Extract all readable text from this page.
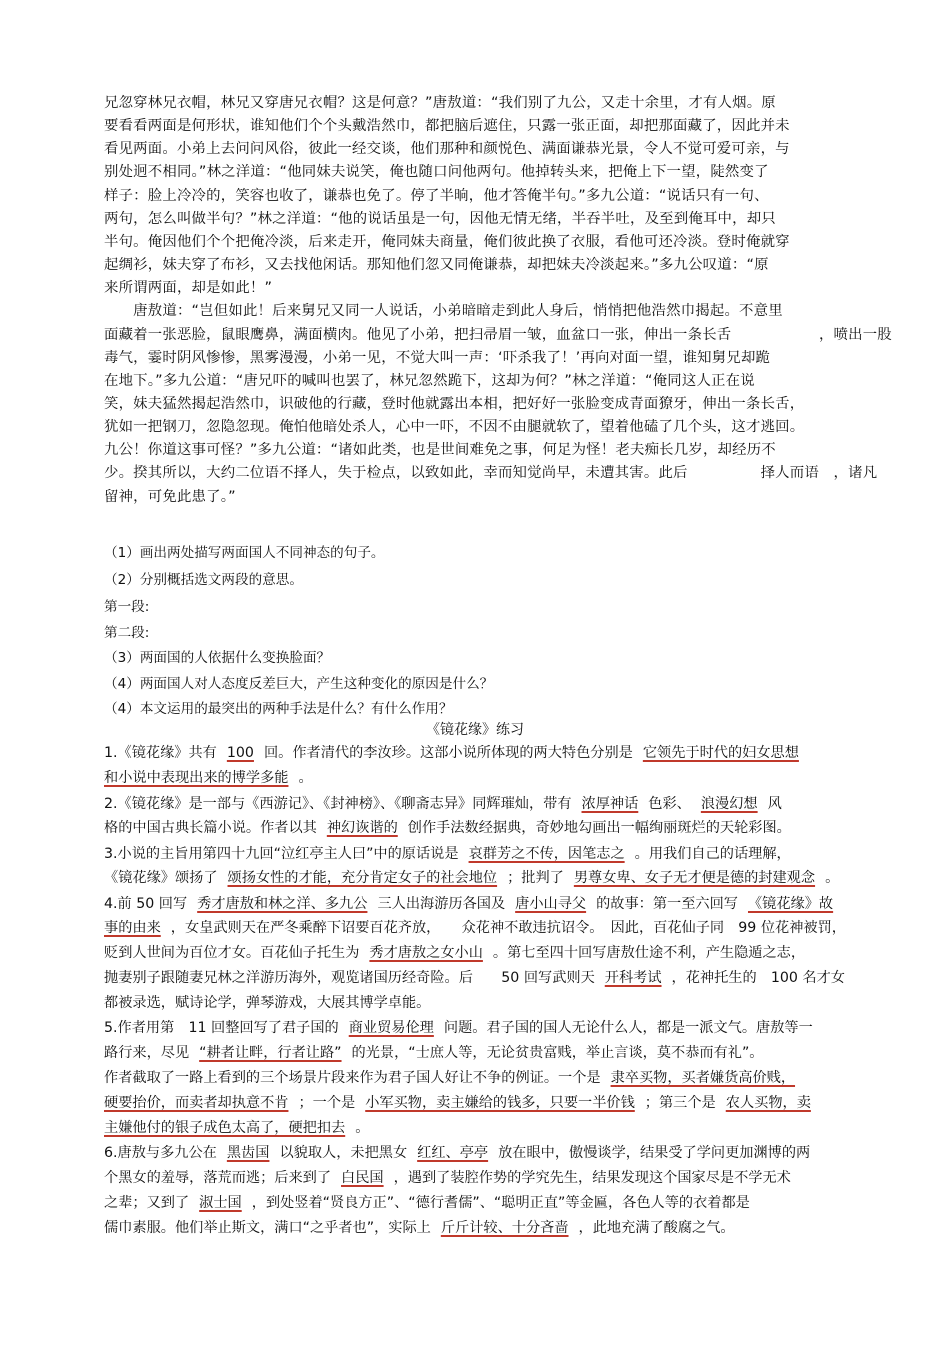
兄忽穿林兄衣帽，林兄又穿唐兄衣帽？这是何意？”唐敖道：“我们别了九公，又走十余里，才有人烟。原
要看看两面是何形状，谁知他们个个头戴浩然巾，都把脑后遮住，只露一张正面，却把那面藏了，因此并未
看见两面。小弟上去问问风俗，彼此一经交谈，他们那种和颜悦色、满面谦恭光景，令人不觉可爱可亲，与
别处迥不相同。”林之洋道：“他同妹夫说笑，俺也随口问他两句。他掉转头来，把俺上下一望，陡然变了
样子：脸上冷冷的，笑容也收了，谦恭也免了。停了半晌，他才答俺半句。”多九公道：“说话只有一句、
两句，怎么叫做半句？”林之洋道：“他的说话虽是一句，因他无情无绪，半吞半吐，及至到俺耳中，却只
半句。俺因他们个个把俺冷淡，后来走开，俺同妹夫商量，俺们彼此换了衣服，看他可还冷淡。登时俺就穿
起绸衫，妹夫穿了布衫，又去找他闲话。那知他们忽又同俺谦恭，却把妹夫冷淡起来。”多九公叹道：“原
来所谓两面，却是如此！”
　　唐敖道：“岂但如此！后来舅兄又同一人说话，小弟暗暗走到此人身后，悄悄把他浩然巾揭起。不意里
面藏着一张恶脸，鼠眼鹰鼻，满面横肉。他见了小弟，把扫帚眉一皱，血盆口一张，伸出一条长舌　　　　　　，喷出一股
毒气，霎时阴风惨惨，黑雾漫漫，小弟一见，不觉大叫一声：‘吓杀我了！’再向对面一望，谁知舅兄却跪
在地下。”多九公道：“唐兄吓的喊叫也罢了，林兄忽然跪下，这却为何？”林之洋道：“俺同这人正在说
笑，妹夫猛然揭起浩然巾，识破他的行藏，登时他就露出本相，把好好一张脸变成青面獠牙，伸出一条长舌，
犹如一把钢刀，忽隐忽现。俺怕他暗处杀人，心中一吓，不因不由腿就软了，望着他磕了几个头，这才逃回。
九公！你道这事可怪？”多九公道：“诸如此类，也是世间难免之事，何足为怪！老夫痴长几岁，却经历不
少。揆其所以，大约二位语不择人，失于检点，以致如此，幸而知觉尚早，未遭其害。此后　　　　　择人而语　，诸凡
留神，可免此患了。”
（1）画出两处描写两面国人不同神态的句子。
（2）分别概括选文两段的意思。
第一段:
第二段:
（3）两面国的人依据什么变换脸面？
（4）两面国人对人态度反差巨大，产生这种变化的原因是什么？
（4）本文运用的最突出的两种手法是什么？有什么作用？
《镜花缘》练习
1.《镜花缘》共有 100 回。作者清代的李汝珍。这部小说所体现的两大特色分别是 它领先于时代的妇女思想
和小说中表现出来的博学多能 。
2.《镜花缘》是一部与《西游记》、《封神榜》、《聊斋志异》同辉璀灿，带有 浓厚神话 色彩、 浪漫幻想 风
格的中国古典长篇小说。作者以其 神幻诙谐的 创作手法数经据典，奇妙地勾画出一幅绚丽斑烂的天轮彩图。
3.小说的主旨用第四十九回“泣红亭主人曰”中的原话说是 哀群芳之不传，因笔志之 。用我们自己的话理解，
《镜花缘》颂扬了 颂扬女性的才能，充分肯定女子的社会地位 ；批判了 男尊女卑、女子无才便是德的封建观念 。
4.前 50 回写 秀才唐敖和林之洋、多九公 三人出海游历各国及 唐小山寻父 的故事：第一至六回写 《镜花缘》故
事的由来 ，女皇武则天在严冬乘醉下诏要百花齐放，　　众花神不敢违抗诏令。　因此，百花仙子同　99 位花神被罚，
贬到人世间为百位才女。百花仙子托生为 秀才唐敖之女小山 。第七至四十回写唐敖仕途不利，产生隐遁之志，
抛妻别子跟随妻兄林之洋游历海外，观览诸国历经奇险。后　　50 回写武则天 开科考试 ，花神托生的　100 名才女
都被录选，赋诗论学，弹琴游戏，大展其博学卓能。
5.作者用第　11 回整回写了君子国的 商业贸易伦理 问题。君子国的国人无论什么人，都是一派文气。唐敖等一
路行来，尽见 “耕者让畔，行者让路” 的光景，“士庶人等，无论贫贵富贱，举止言谈，莫不恭而有礼”。
作者截取了一路上看到的三个场景片段来作为君子国人好让不争的例证。一个是 隶卒买物，买者嫌货高价贱，
硬要抬价，而卖者却执意不肯 ；一个是 小军买物，卖主嫌给的钱多，只要一半价钱 ；第三个是 农人买物，卖
主嫌他付的银子成色太高了，硬把扣去 。
6.唐敖与多九公在 黑齿国 以貌取人，未把黑女 红红、亭亭 放在眼中，傲慢谈学，结果受了学问更加渊博的两
个黑女的羞辱，落荒而逃；后来到了 白民国 ，遇到了装腔作势的学究先生，结果发现这个国家尽是不学无术
之辈；又到了 淑士国 ，到处竖着“贤良方正”、“德行耆儒”、“聪明正直”等金匾，各色人等的衣着都是
儒巾素服。他们举止斯文，满口“之乎者也”，实际上 斤斤计较、十分吝啬 ，此地充满了酸腐之气。
